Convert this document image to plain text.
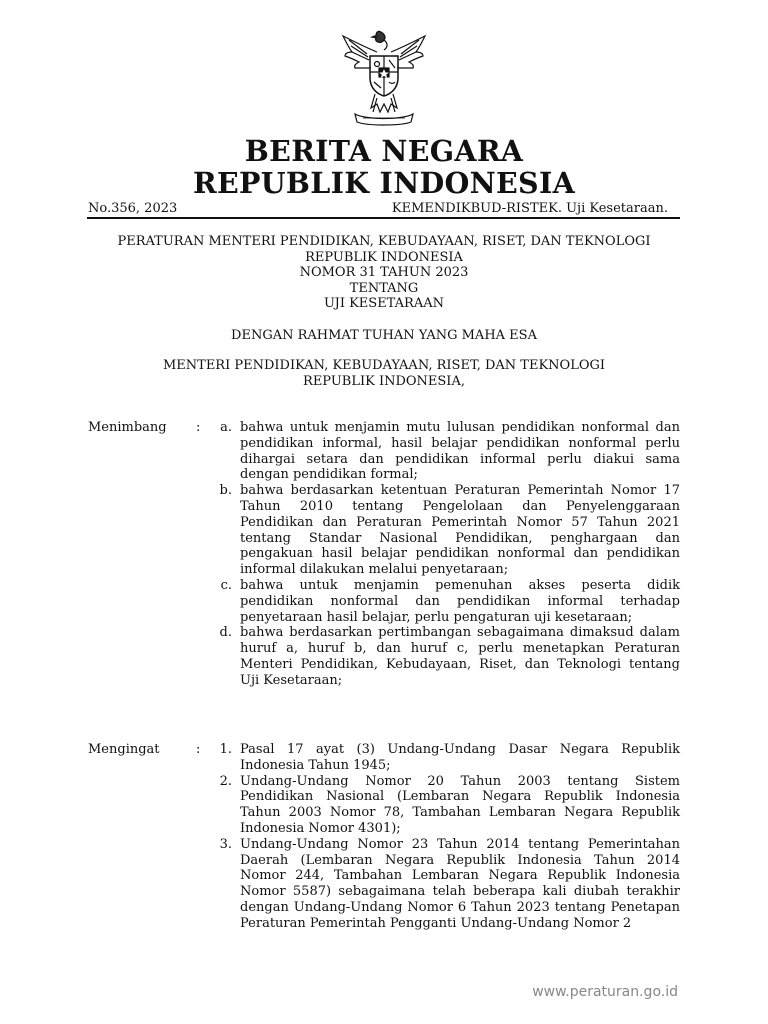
BERITA NEGARA
REPUBLIK INDONESIA
No.356, 2023	KEMENDIKBUD-RISTEK. Uji Kesetaraan.
PERATURAN MENTERI PENDIDIKAN, KEBUDAYAAN, RISET, DAN TEKNOLOGI
REPUBLIK INDONESIA
NOMOR 31 TAHUN 2023
TENTANG
UJI KESETARAAN
DENGAN RAHMAT TUHAN YANG MAHA ESA
MENTERI PENDIDIKAN, KEBUDAYAAN, RISET, DAN TEKNOLOGI
REPUBLIK INDONESIA,
Menimbang :	a. bahwa untuk menjamin mutu lulusan pendidikan nonformal dan pendidikan informal, hasil belajar pendidikan nonformal perlu dihargai setara dan pendidikan informal perlu diakui sama dengan pendidikan formal;
b. bahwa berdasarkan ketentuan Peraturan Pemerintah Nomor 17 Tahun 2010 tentang Pengelolaan dan Penyelenggaraan Pendidikan dan Peraturan Pemerintah Nomor 57 Tahun 2021 tentang Standar Nasional Pendidikan, penghargaan dan pengakuan hasil belajar pendidikan nonformal dan pendidikan informal dilakukan melalui penyetaraan;
c. bahwa untuk menjamin pemenuhan akses peserta didik pendidikan nonformal dan pendidikan informal terhadap penyetaraan hasil belajar, perlu pengaturan uji kesetaraan;
d. bahwa berdasarkan pertimbangan sebagaimana dimaksud dalam huruf a, huruf b, dan huruf c, perlu menetapkan Peraturan Menteri Pendidikan, Kebudayaan, Riset, dan Teknologi tentang Uji Kesetaraan;
Mengingat	:	1. Pasal 17 ayat (3) Undang-Undang Dasar Negara Republik Indonesia Tahun 1945;
2. Undang-Undang Nomor 20 Tahun 2003 tentang Sistem Pendidikan Nasional (Lembaran Negara Republik Indonesia Tahun 2003 Nomor 78, Tambahan Lembaran Negara Republik Indonesia Nomor 4301);
3. Undang-Undang Nomor 23 Tahun 2014 tentang Pemerintahan Daerah (Lembaran Negara Republik Indonesia Tahun 2014 Nomor 244, Tambahan Lembaran Negara Republik Indonesia Nomor 5587) sebagaimana telah beberapa kali diubah terakhir dengan Undang-Undang Nomor 6 Tahun 2023 tentang Penetapan Peraturan Pemerintah Pengganti Undang-Undang Nomor 2
www.peraturan.go.id
